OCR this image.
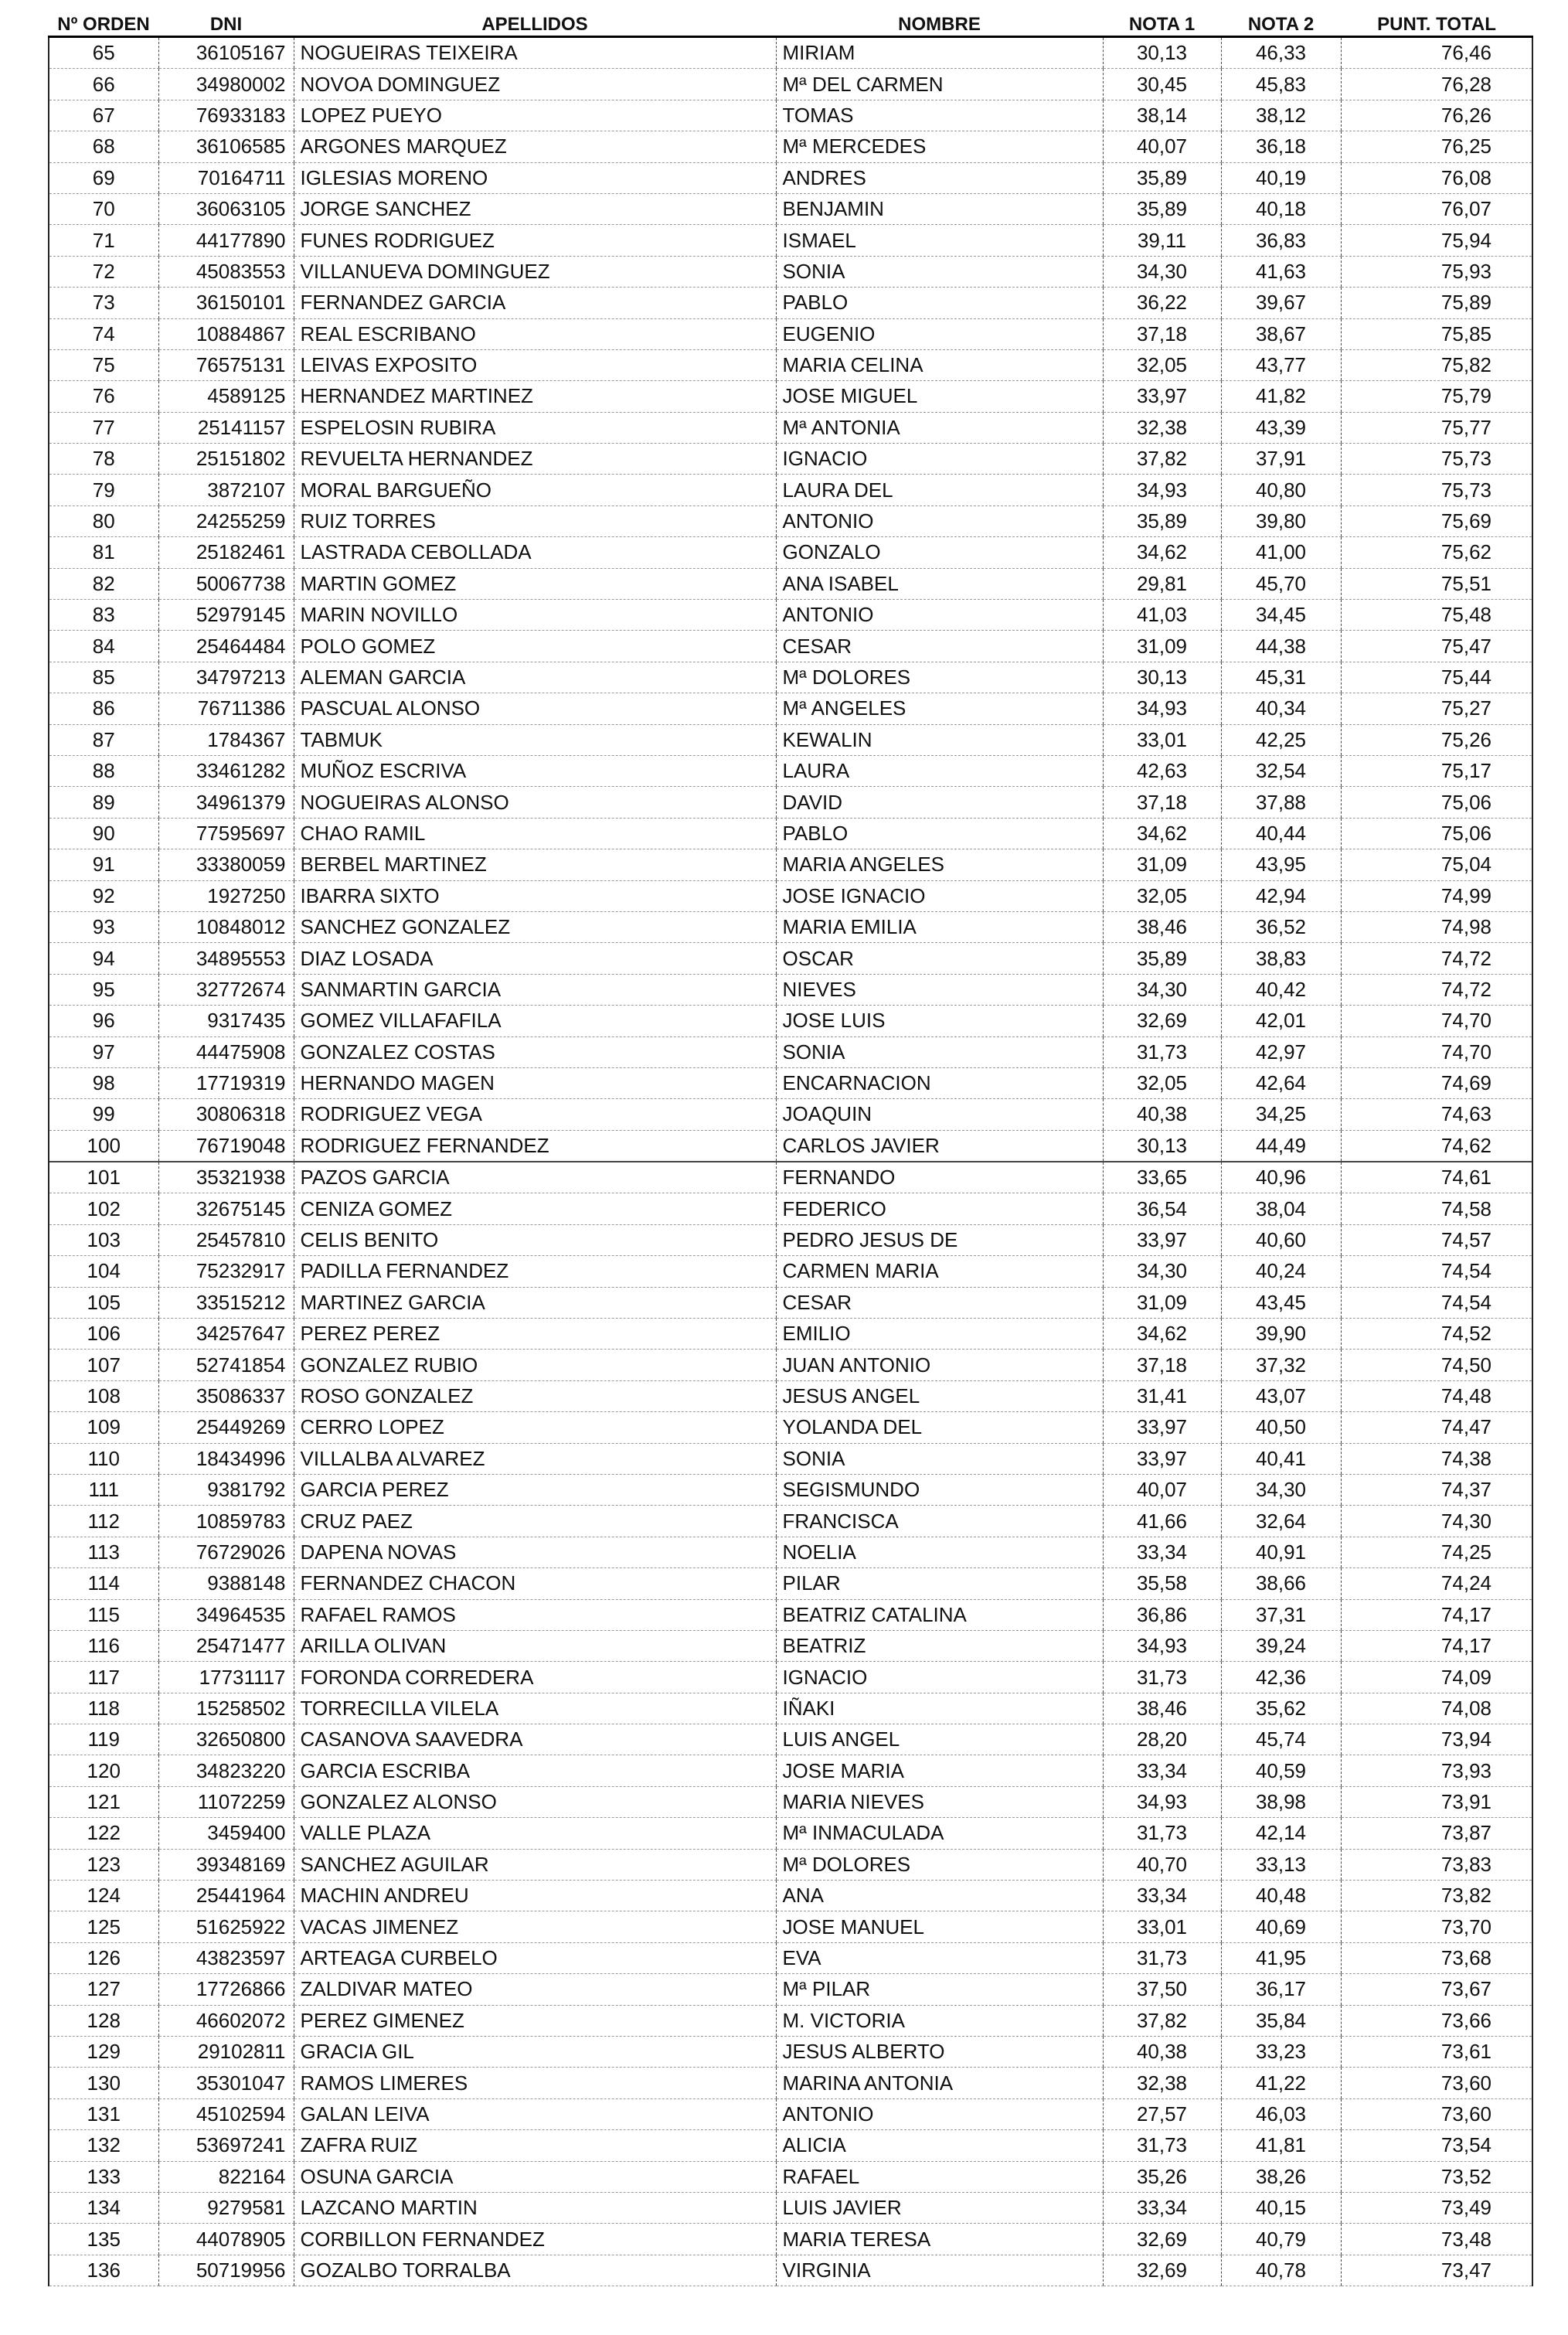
Nº ORDEN	DNI	APELLIDOS	NOMBRE	NOTA 1	NOTA 2	PUNT. TOTAL
65	36105167	NOGUEIRAS TEIXEIRA	MIRIAM	30,13	46,33	76,46
66	34980002	NOVOA DOMINGUEZ	Mª DEL CARMEN	30,45	45,83	76,28
67	76933183	LOPEZ PUEYO	TOMAS	38,14	38,12	76,26
68	36106585	ARGONES MARQUEZ	Mª MERCEDES	40,07	36,18	76,25
69	70164711	IGLESIAS MORENO	ANDRES	35,89	40,19	76,08
70	36063105	JORGE SANCHEZ	BENJAMIN	35,89	40,18	76,07
71	44177890	FUNES RODRIGUEZ	ISMAEL	39,11	36,83	75,94
72	45083553	VILLANUEVA DOMINGUEZ	SONIA	34,30	41,63	75,93
73	36150101	FERNANDEZ GARCIA	PABLO	36,22	39,67	75,89
74	10884867	REAL ESCRIBANO	EUGENIO	37,18	38,67	75,85
75	76575131	LEIVAS EXPOSITO	MARIA CELINA	32,05	43,77	75,82
76	4589125	HERNANDEZ MARTINEZ	JOSE MIGUEL	33,97	41,82	75,79
77	25141157	ESPELOSIN RUBIRA	Mª ANTONIA	32,38	43,39	75,77
78	25151802	REVUELTA HERNANDEZ	IGNACIO	37,82	37,91	75,73
79	3872107	MORAL BARGUEÑO	LAURA DEL	34,93	40,80	75,73
80	24255259	RUIZ TORRES	ANTONIO	35,89	39,80	75,69
81	25182461	LASTRADA CEBOLLADA	GONZALO	34,62	41,00	75,62
82	50067738	MARTIN GOMEZ	ANA ISABEL	29,81	45,70	75,51
83	52979145	MARIN NOVILLO	ANTONIO	41,03	34,45	75,48
84	25464484	POLO GOMEZ	CESAR	31,09	44,38	75,47
85	34797213	ALEMAN GARCIA	Mª DOLORES	30,13	45,31	75,44
86	76711386	PASCUAL ALONSO	Mª ANGELES	34,93	40,34	75,27
87	1784367	TABMUK	KEWALIN	33,01	42,25	75,26
88	33461282	MUÑOZ ESCRIVA	LAURA	42,63	32,54	75,17
89	34961379	NOGUEIRAS ALONSO	DAVID	37,18	37,88	75,06
90	77595697	CHAO RAMIL	PABLO	34,62	40,44	75,06
91	33380059	BERBEL MARTINEZ	MARIA ANGELES	31,09	43,95	75,04
92	1927250	IBARRA SIXTO	JOSE IGNACIO	32,05	42,94	74,99
93	10848012	SANCHEZ GONZALEZ	MARIA EMILIA	38,46	36,52	74,98
94	34895553	DIAZ LOSADA	OSCAR	35,89	38,83	74,72
95	32772674	SANMARTIN GARCIA	NIEVES	34,30	40,42	74,72
96	9317435	GOMEZ VILLAFAFILA	JOSE LUIS	32,69	42,01	74,70
97	44475908	GONZALEZ COSTAS	SONIA	31,73	42,97	74,70
98	17719319	HERNANDO MAGEN	ENCARNACION	32,05	42,64	74,69
99	30806318	RODRIGUEZ VEGA	JOAQUIN	40,38	34,25	74,63
100	76719048	RODRIGUEZ FERNANDEZ	CARLOS JAVIER	30,13	44,49	74,62
101	35321938	PAZOS GARCIA	FERNANDO	33,65	40,96	74,61
102	32675145	CENIZA GOMEZ	FEDERICO	36,54	38,04	74,58
103	25457810	CELIS BENITO	PEDRO JESUS DE	33,97	40,60	74,57
104	75232917	PADILLA FERNANDEZ	CARMEN MARIA	34,30	40,24	74,54
105	33515212	MARTINEZ GARCIA	CESAR	31,09	43,45	74,54
106	34257647	PEREZ PEREZ	EMILIO	34,62	39,90	74,52
107	52741854	GONZALEZ RUBIO	JUAN ANTONIO	37,18	37,32	74,50
108	35086337	ROSO GONZALEZ	JESUS ANGEL	31,41	43,07	74,48
109	25449269	CERRO LOPEZ	YOLANDA DEL	33,97	40,50	74,47
110	18434996	VILLALBA ALVAREZ	SONIA	33,97	40,41	74,38
111	9381792	GARCIA PEREZ	SEGISMUNDO	40,07	34,30	74,37
112	10859783	CRUZ PAEZ	FRANCISCA	41,66	32,64	74,30
113	76729026	DAPENA NOVAS	NOELIA	33,34	40,91	74,25
114	9388148	FERNANDEZ CHACON	PILAR	35,58	38,66	74,24
115	34964535	RAFAEL RAMOS	BEATRIZ CATALINA	36,86	37,31	74,17
116	25471477	ARILLA OLIVAN	BEATRIZ	34,93	39,24	74,17
117	17731117	FORONDA CORREDERA	IGNACIO	31,73	42,36	74,09
118	15258502	TORRECILLA VILELA	IÑAKI	38,46	35,62	74,08
119	32650800	CASANOVA SAAVEDRA	LUIS ANGEL	28,20	45,74	73,94
120	34823220	GARCIA ESCRIBA	JOSE MARIA	33,34	40,59	73,93
121	11072259	GONZALEZ ALONSO	MARIA NIEVES	34,93	38,98	73,91
122	3459400	VALLE PLAZA	Mª INMACULADA	31,73	42,14	73,87
123	39348169	SANCHEZ AGUILAR	Mª DOLORES	40,70	33,13	73,83
124	25441964	MACHIN ANDREU	ANA	33,34	40,48	73,82
125	51625922	VACAS JIMENEZ	JOSE MANUEL	33,01	40,69	73,70
126	43823597	ARTEAGA CURBELO	EVA	31,73	41,95	73,68
127	17726866	ZALDIVAR MATEO	Mª PILAR	37,50	36,17	73,67
128	46602072	PEREZ GIMENEZ	M. VICTORIA	37,82	35,84	73,66
129	29102811	GRACIA GIL	JESUS ALBERTO	40,38	33,23	73,61
130	35301047	RAMOS LIMERES	MARINA ANTONIA	32,38	41,22	73,60
131	45102594	GALAN LEIVA	ANTONIO	27,57	46,03	73,60
132	53697241	ZAFRA RUIZ	ALICIA	31,73	41,81	73,54
133	822164	OSUNA GARCIA	RAFAEL	35,26	38,26	73,52
134	9279581	LAZCANO MARTIN	LUIS JAVIER	33,34	40,15	73,49
135	44078905	CORBILLON FERNANDEZ	MARIA TERESA	32,69	40,79	73,48
136	50719956	GOZALBO TORRALBA	VIRGINIA	32,69	40,78	73,47
